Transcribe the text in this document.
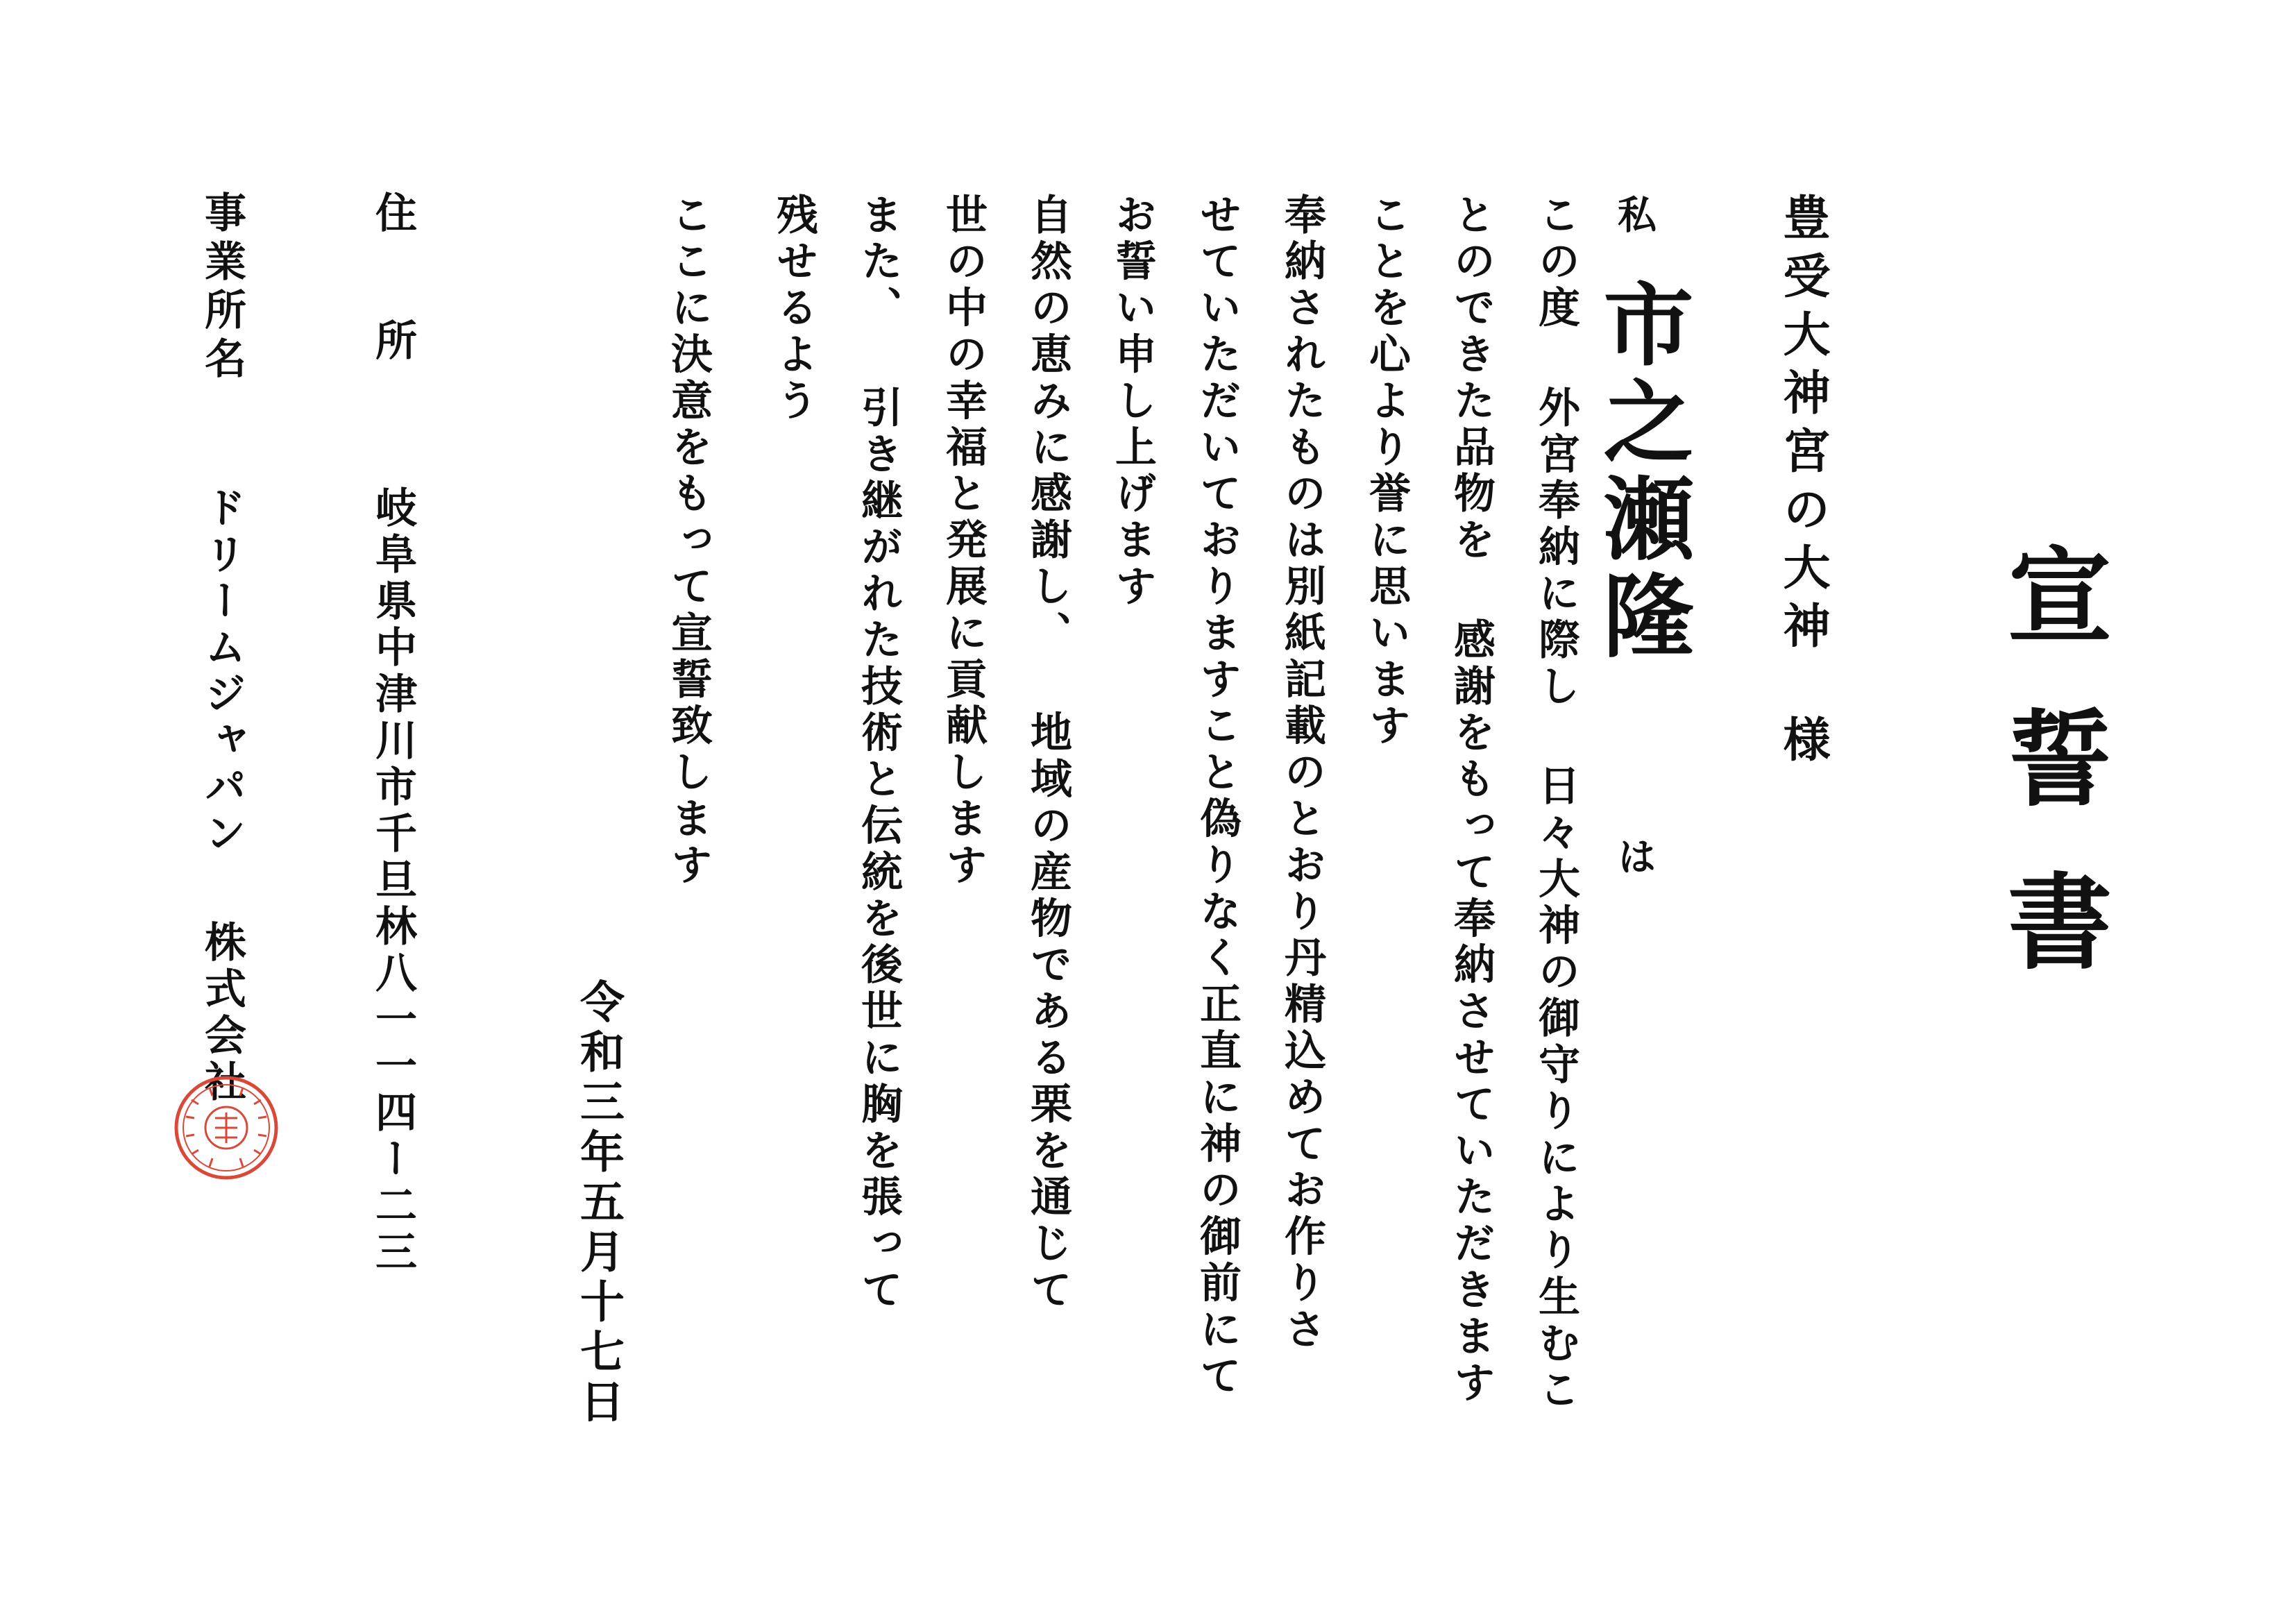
宣誓書
豊受大神宮の大神様
私
市之瀬隆
は
この度 外宮奉納に際し 日々大神の御守りにより生むこ
とのできた品物を 感謝をもって奉納させていただきます
ことを心より誉に思います
奉納されたものは別紙記載のとおり丹精込めてお作りさ
せていただいておりますこと偽りなく正直に神の御前にて
お誓い申し上げます
自然の恵みに感謝し、 地域の産物である栗を通じて
世の中の幸福と発展に貢献します
また、 引き継がれた技術と伝統を後世に胸を張って
残せるよう
ここに決意をもって宣誓致します
令和三年五月十七日
住所
岐阜県中津川市千旦林八一一四ー二三
事業所名
ドリームジャパン株式会社
